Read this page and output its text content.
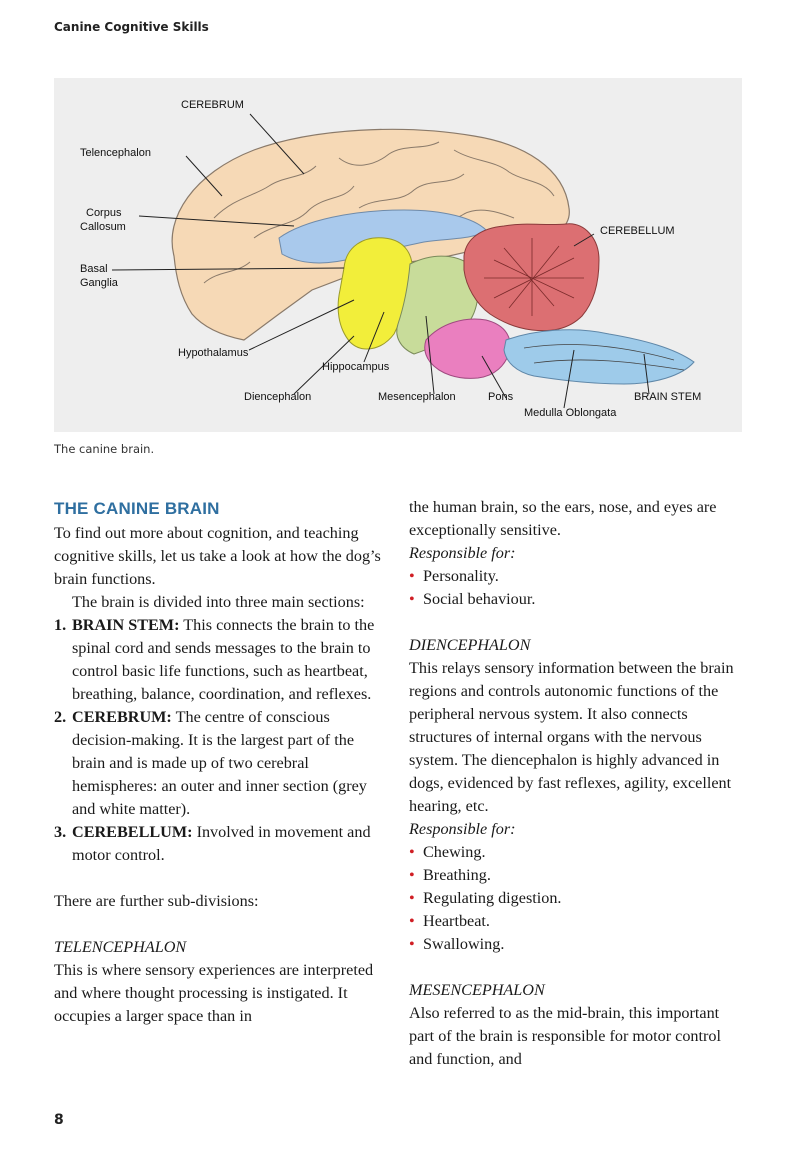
Canine Cognitive Skills
CEREBRUM
Telencephalon
Corpus
Callosum
Basal
Ganglia
CEREBELLUM
Hypothalamus
Hippocampus
Diencephalon	Mesencephalon	Pons
Medulla Oblongata
BRAIN STEM
The canine brain.
THE CANINE BRAIN

To find out more about cognition, and teaching cognitive skills, let us take a look at how the dog’s brain functions.

The brain is divided into three main sections:

1. BRAIN STEM: This connects the brain to the spinal cord and sends messages to the brain to control basic life functions, such as heartbeat, breathing, balance, coordination, and reflexes.
2. CEREBRUM: The centre of conscious decision-making. It is the largest part of the brain and is made up of two cerebral hemispheres: an outer and inner section (grey and white matter).
3. CEREBELLUM: Involved in movement and motor control.

There are further sub-divisions:

TELENCEPHALON

This is where sensory experiences are interpreted and where thought processing is instigated. It occupies a larger space than in

the human brain, so the ears, nose, and eyes are exceptionally sensitive.

Responsible for:

• Personality.
• Social behaviour.

DIENCEPHALON

This relays sensory information between the brain regions and controls autonomic functions of the peripheral nervous system. It also connects structures of internal organs with the nervous system. The diencephalon is highly advanced in dogs, evidenced by fast reflexes, agility, excellent hearing, etc.

Responsible for:

• Chewing.
• Breathing.
• Regulating digestion.
• Heartbeat.
• Swallowing.

MESENCEPHALON

Also referred to as the mid-brain, this important part of the brain is responsible for motor control and function, and

8
